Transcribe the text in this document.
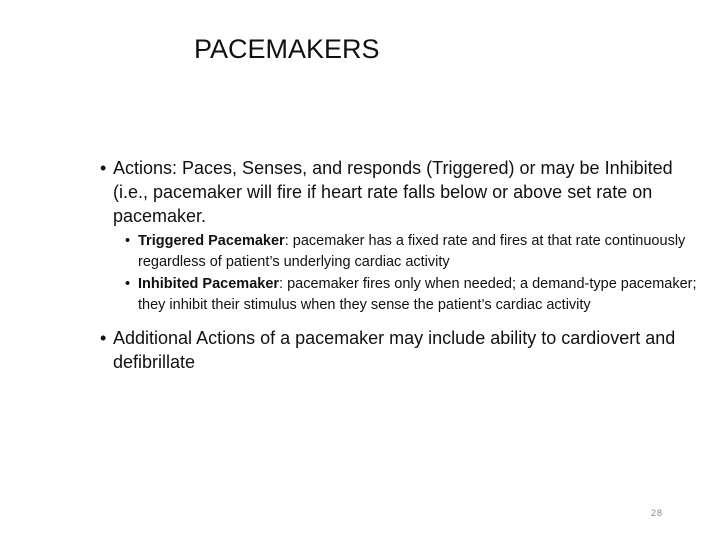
PACEMAKERS
• Actions: Paces, Senses, and responds (Triggered) or may be Inhibited (i.e., pacemaker will fire if heart rate falls below or above set rate on pacemaker.
• Triggered Pacemaker: pacemaker has a fixed rate and fires at that rate continuously regardless of patient’s underlying cardiac activity
• Inhibited Pacemaker: pacemaker fires only when needed; a demand-type pacemaker; they inhibit their stimulus when they sense the patient’s cardiac activity
• Additional Actions of a pacemaker may include ability to cardiovert and defibrillate
28
